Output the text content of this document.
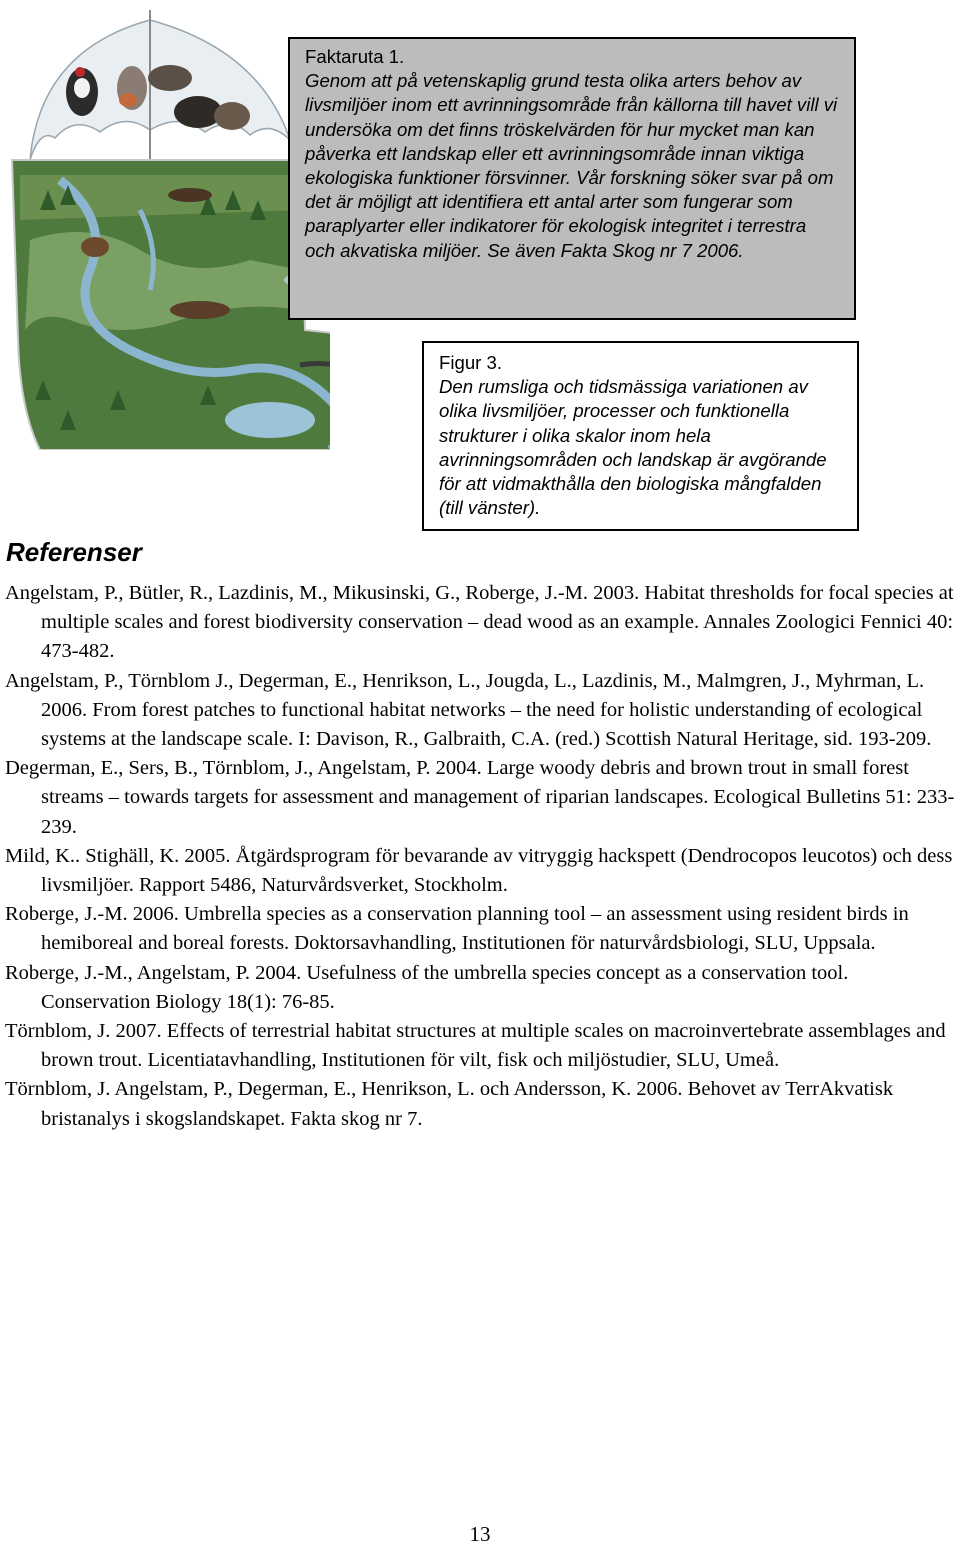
Faktaruta 1.
Genom att på vetenskaplig grund testa olika arters behov av livsmiljöer inom ett avrinningsområde från källorna till havet vill vi undersöka om det finns tröskelvärden för hur mycket man kan påverka ett landskap eller ett avrinningsområde innan viktiga ekologiska funktioner försvinner. Vår forskning söker svar på om det är möjligt att identifiera ett antal arter som fungerar som paraplyarter eller indikatorer för ekologisk integritet i terrestra och akvatiska miljöer. Se även Fakta Skog nr 7 2006.
Figur 3.
Den rumsliga och tidsmässiga variationen av olika livsmiljöer, processer och funktionella strukturer i olika skalor inom hela avrinningsområden och landskap är avgörande för att vidmakthålla den biologiska mångfalden (till vänster).
Referenser
Angelstam, P., Bütler, R., Lazdinis, M., Mikusinski, G., Roberge, J.-M. 2003. Habitat thresholds for focal species at multiple scales and forest biodiversity conservation – dead wood as an example. Annales Zoologici Fennici 40: 473-482.
Angelstam, P., Törnblom J., Degerman, E., Henrikson, L., Jougda, L., Lazdinis, M., Malmgren, J., Myhrman, L. 2006. From forest patches to functional habitat networks – the need for holistic understanding of ecological systems at the landscape scale. I: Davison, R., Galbraith, C.A. (red.) Scottish Natural Heritage, sid. 193-209.
Degerman, E., Sers, B., Törnblom, J., Angelstam, P. 2004. Large woody debris and brown trout in small forest streams – towards targets for assessment and management of riparian landscapes. Ecological Bulletins 51: 233-239.
Mild, K.. Stighäll, K. 2005. Åtgärdsprogram för bevarande av vitryggig hackspett (Dendrocopos leucotos) och dess livsmiljöer. Rapport 5486, Naturvårdsverket, Stockholm.
Roberge, J.-M. 2006. Umbrella species as a conservation planning tool – an assessment using resident birds in hemiboreal and boreal forests. Doktorsavhandling, Institutionen för naturvårdsbiologi, SLU, Uppsala.
Roberge, J.-M., Angelstam, P. 2004. Usefulness of the umbrella species concept as a conservation tool. Conservation Biology 18(1): 76-85.
Törnblom, J. 2007. Effects of terrestrial habitat structures at multiple scales on macroinvertebrate assemblages and brown trout. Licentiatavhandling, Institutionen för vilt, fisk och miljöstudier, SLU, Umeå.
Törnblom, J. Angelstam, P., Degerman, E., Henrikson, L. och Andersson, K. 2006. Behovet av TerrAkvatisk bristanalys i skogslandskapet. Fakta skog nr 7.
13
